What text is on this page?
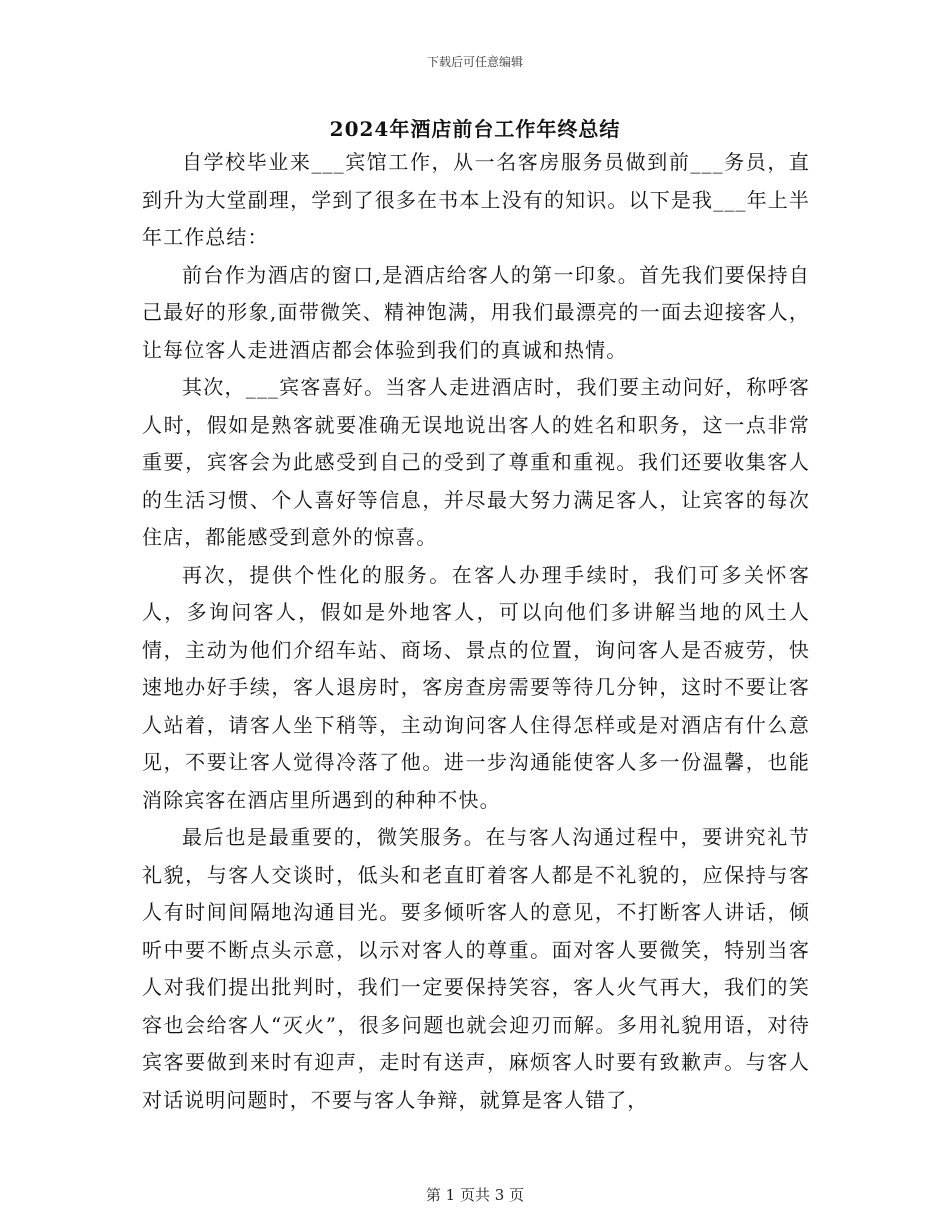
下载后可任意编辑
2024年酒店前台工作年终总结

自学校毕业来___宾馆工作，从一名客房服务员做到前___务员，直到升为大堂副理，学到了很多在书本上没有的知识。以下是我___年上半年工作总结：

前台作为酒店的窗口,是酒店给客人的第一印象。首先我们要保持自己最好的形象,面带微笑、精神饱满，用我们最漂亮的一面去迎接客人，让每位客人走进酒店都会体验到我们的真诚和热情。

其次，___宾客喜好。当客人走进酒店时，我们要主动问好，称呼客人时，假如是熟客就要准确无误地说出客人的姓名和职务，这一点非常重要，宾客会为此感受到自己的受到了尊重和重视。我们还要收集客人的生活习惯、个人喜好等信息，并尽最大努力满足客人，让宾客的每次住店，都能感受到意外的惊喜。

再次，提供个性化的服务。在客人办理手续时，我们可多关怀客人，多询问客人，假如是外地客人，可以向他们多讲解当地的风土人情，主动为他们介绍车站、商场、景点的位置，询问客人是否疲劳，快速地办好手续，客人退房时，客房查房需要等待几分钟，这时不要让客人站着，请客人坐下稍等，主动询问客人住得怎样或是对酒店有什么意见，不要让客人觉得冷落了他。进一步沟通能使客人多一份温馨，也能消除宾客在酒店里所遇到的种种不快。

最后也是最重要的，微笑服务。在与客人沟通过程中，要讲究礼节礼貌，与客人交谈时，低头和老直盯着客人都是不礼貌的，应保持与客人有时间间隔地沟通目光。要多倾听客人的意见，不打断客人讲话，倾听中要不断点头示意，以示对客人的尊重。面对客人要微笑，特别当客人对我们提出批判时，我们一定要保持笑容，客人火气再大，我们的笑容也会给客人“灭火”，很多问题也就会迎刃而解。多用礼貌用语，对待宾客要做到来时有迎声，走时有送声，麻烦客人时要有致歉声。与客人对话说明问题时，不要与客人争辩，就算是客人错了，

第 1 页共 3 页
